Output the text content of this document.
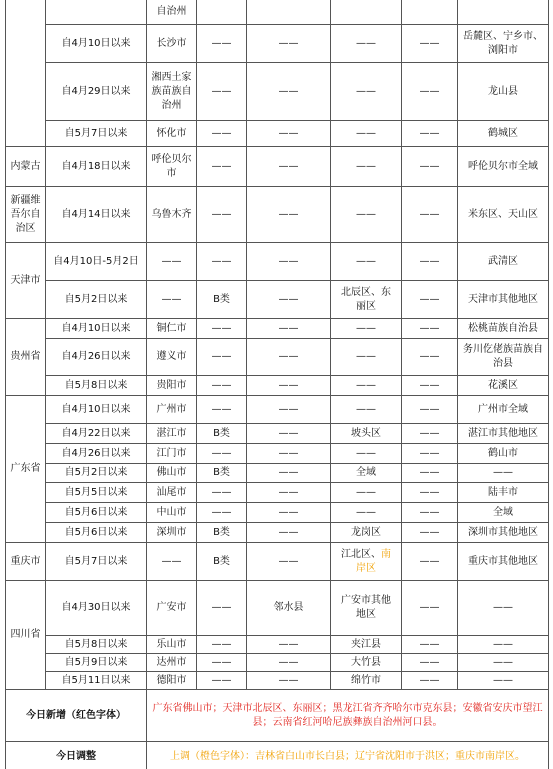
		自治州					
	自4月10日以来	长沙市	——	——	——	——	岳麓区、宁乡市、浏阳市
	自4月29日以来	湘西土家族苗族自治州	——	——	——	——	龙山县
	自5月7日以来	怀化市	——	——	——	——	鹤城区
内蒙古	自4月18日以来	呼伦贝尔市	——	——	——	——	呼伦贝尔市全域
新疆维吾尔自治区	自4月14日以来	乌鲁木齐	——	——	——	——	米东区、天山区
天津市	自4月10日-5月2日	——	——	——	——	——	武清区
	自5月2日以来	——	B类	——	北辰区、东丽区	——	天津市其他地区
贵州省	自4月10日以来	铜仁市	——	——	——	——	松桃苗族自治县
	自4月26日以来	遵义市	——	——	——	——	务川仡佬族苗族自治县
	自5月8日以来	贵阳市	——	——	——	——	花溪区
广东省	自4月10日以来	广州市	——	——	——	——	广州市全域
	自4月22日以来	湛江市	B类	——	坡头区	——	湛江市其他地区
	自4月26日以来	江门市	——	——	——	——	鹤山市
	自5月2日以来	佛山市	B类	——	全域	——	——
	自5月5日以来	汕尾市	——	——	——	——	陆丰市
	自5月6日以来	中山市	——	——	——	——	全域
	自5月6日以来	深圳市	B类	——	龙岗区	——	深圳市其他地区
重庆市	自5月7日以来	——	B类	——	江北区、南岸区	——	重庆市其他地区
四川省	自4月30日以来	广安市	——	邻水县	广安市其他地区	——	——
	自5月8日以来	乐山市	——	——	夹江县	——	——
	自5月9日以来	达州市	——	——	大竹县	——	——
	自5月11日以来	德阳市	——	——	绵竹市	——	——
今日新增（红色字体）		广东省佛山市；天津市北辰区、东丽区；黑龙江省齐齐哈尔市克东县；安徽省安庆市望江县；云南省红河哈尼族彝族自治州河口县。					
今日调整		上调（橙色字体）：吉林省白山市长白县；辽宁省沈阳市于洪区；重庆市南岸区。					
